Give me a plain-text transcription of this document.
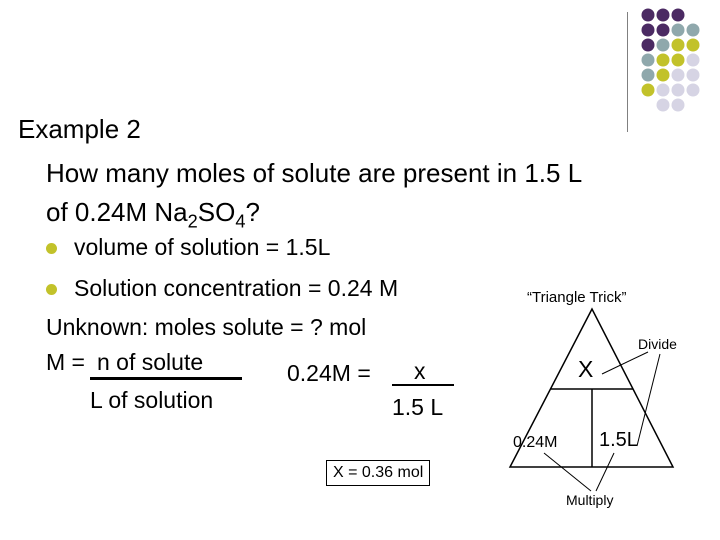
Example 2
How many moles of solute are present in 1.5 L
of 0.24M $Na_2SO_4$?
volume of solution = 1.5L
Solution concentration = 0.24 M
Unknown: moles solute = ? mol
M = n of solute
L of solution
0.24M = x
1.5 L
X = 0.36 mol
“Triangle Trick”
X
0.24M 1.5L
Divide
Multiply
